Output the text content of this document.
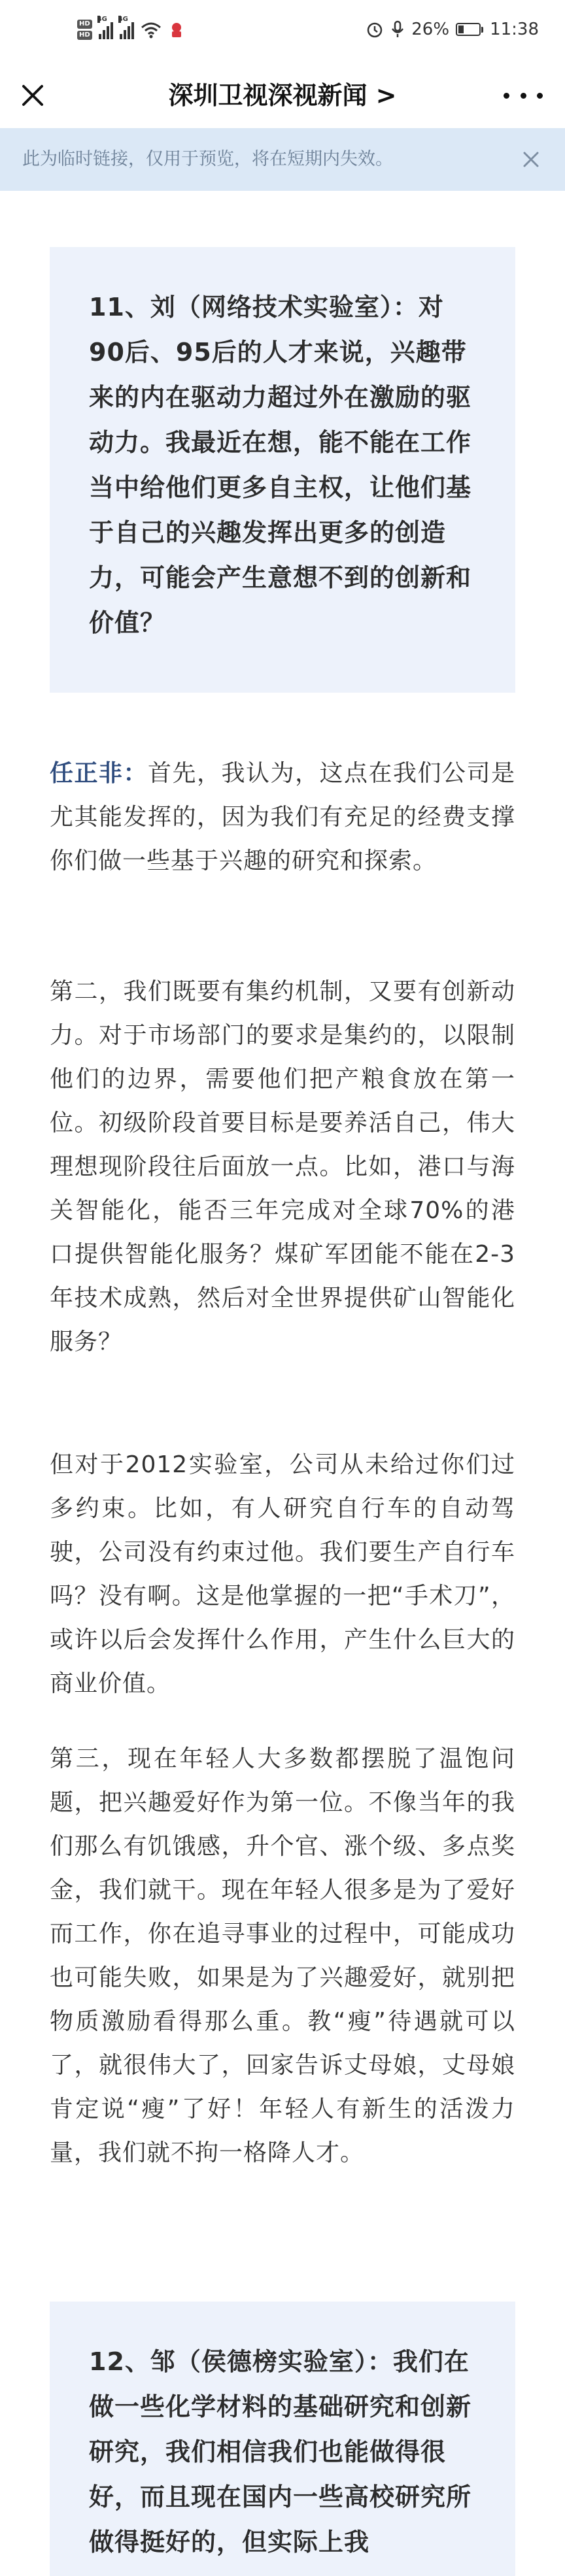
HD
HD
4G 4G
26% 11:38
深圳卫视深视新闻 >
此为临时链接，仅用于预览，将在短期内失效。
11、刘（网络技术实验室）：对90后、95后的人才来说，兴趣带来的内在驱动力超过外在激励的驱动力。我最近在想，能不能在工作当中给他们更多自主权，让他们基于自己的兴趣发挥出更多的创造力，可能会产生意想不到的创新和价值？
任正非：首先，我认为，这点在我们公司是尤其能发挥的，因为我们有充足的经费支撑你们做一些基于兴趣的研究和探索。
第二，我们既要有集约机制，又要有创新动力。对于市场部门的要求是集约的，以限制他们的边界，需要他们把产粮食放在第一位。初级阶段首要目标是要养活自己，伟大理想现阶段往后面放一点。比如，港口与海关智能化，能否三年完成对全球70%的港口提供智能化服务？煤矿军团能不能在2-3年技术成熟，然后对全世界提供矿山智能化服务？
但对于2012实验室，公司从未给过你们过多约束。比如，有人研究自行车的自动驾驶，公司没有约束过他。我们要生产自行车吗？没有啊。这是他掌握的一把“手术刀”，或许以后会发挥什么作用，产生什么巨大的商业价值。
第三，现在年轻人大多数都摆脱了温饱问题，把兴趣爱好作为第一位。不像当年的我们那么有饥饿感，升个官、涨个级、多点奖金，我们就干。现在年轻人很多是为了爱好而工作，你在追寻事业的过程中，可能成功也可能失败，如果是为了兴趣爱好，就别把物质激励看得那么重。教“瘦”待遇就可以了，就很伟大了，回家告诉丈母娘，丈母娘肯定说“瘦”了好！年轻人有新生的活泼力量，我们就不拘一格降人才。
12、邹（侯德榜实验室）：我们在做一些化学材料的基础研究和创新研究，我们相信我们也能做得很好，而且现在国内一些高校研究所做得挺好的，但实际上我
